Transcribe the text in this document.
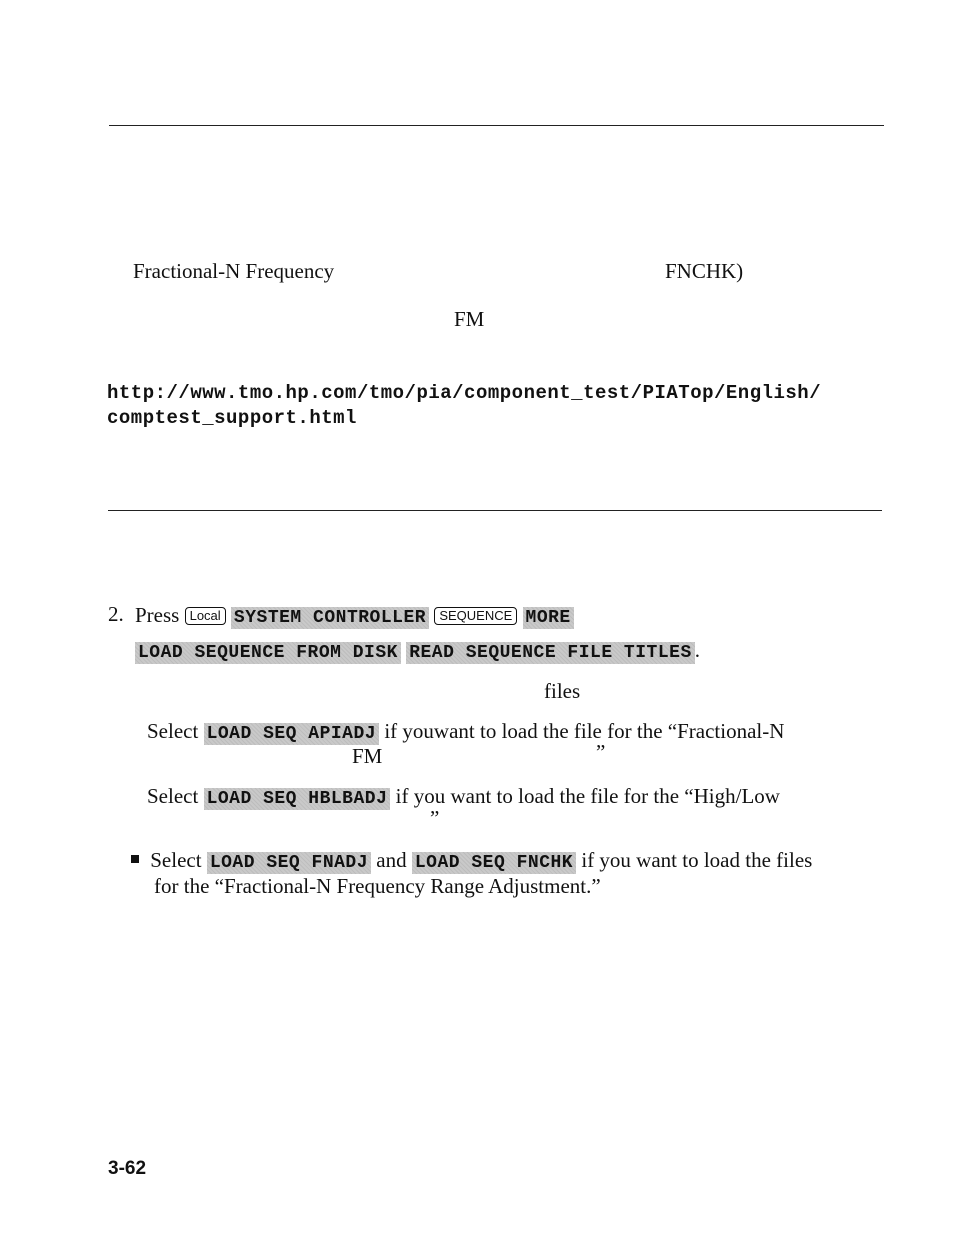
Fractional-N Frequency	FNCHK)
FM
http://www.tmo.hp.com/tmo/pia/component_test/PIATop/English/
comptest_support.html
2. Press Local SYSTEM CONTROLLER SEQUENCE MORE
LOAD SEQUENCE FROM DISK READ SEQUENCE FILE TITLES .
files
Select LOAD SEQ APIADJ if youwant to load the file for the “Fractional-N
FM	”
Select LOAD SEQ HBLBADJ if you want to load the file for the “High/Low
”
Select LOAD SEQ FNADJ and LOAD SEQ FNCHK if you want to load the files
for the “Fractional-N Frequency Range Adjustment.”
3-62
